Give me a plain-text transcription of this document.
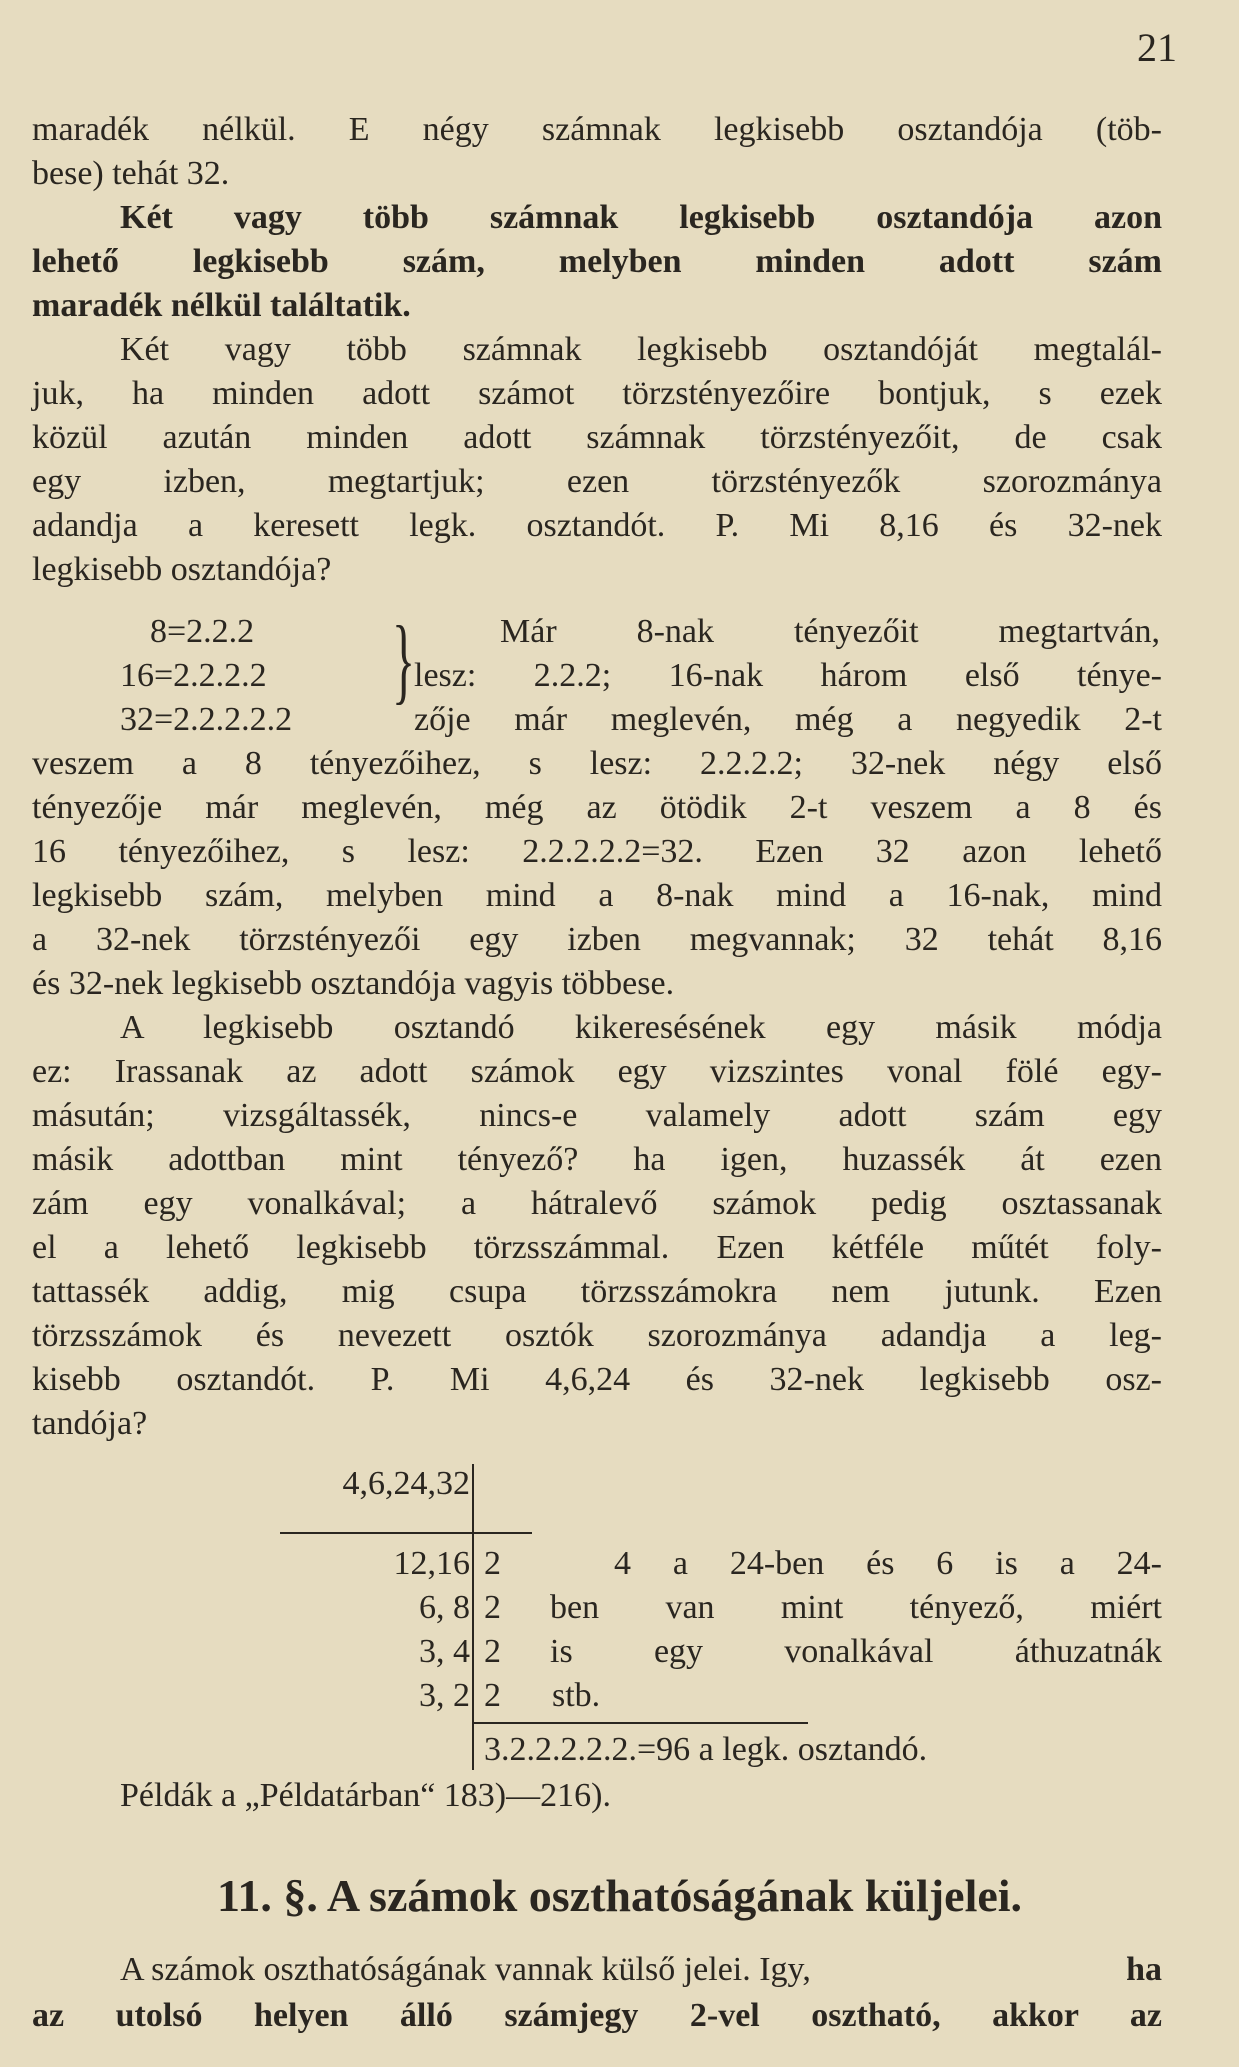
21
maradék nélkül. E négy számnak legkisebb osztandója (töb-
bese) tehát 32.
Két vagy több számnak legkisebb osztandója azon
lehető legkisebb szám, melyben minden adott szám
maradék nélkül találtatik.
Két vagy több számnak legkisebb osztandóját megtalál-
juk, ha minden adott számot törzstényezőire bontjuk, s ezek
közül azután minden adott számnak törzstényezőit, de csak
egy izben, megtartjuk; ezen törzstényezők szorozmánya
adandja a keresett legk. osztandót. P. Mi 8,16 és 32-nek
legkisebb osztandója?
8=2.2.2
16=2.2.2.2
32=2.2.2.2.2
} Már 8-nak tényezőit megtartván,
lesz: 2.2.2; 16-nak három első ténye-
zője már meglevén, még a negyedik 2-t
veszem a 8 tényezőihez, s lesz: 2.2.2.2; 32-nek négy első
tényezője már meglevén, még az ötödik 2-t veszem a 8 és
16 tényezőihez, s lesz: 2.2.2.2.2=32. Ezen 32 azon lehető
legkisebb szám, melyben mind a 8-nak mind a 16-nak, mind
a 32-nek törzstényezői egy izben megvannak; 32 tehát 8,16
és 32-nek legkisebb osztandója vagyis többese.
A legkisebb osztandó kikeresésének egy másik módja
ez: Irassanak az adott számok egy vizszintes vonal fölé egy-
másután; vizsgáltassék, nincs-e valamely adott szám egy
másik adottban mint tényező? ha igen, huzassék át ezen
zám egy vonalkával; a hátralevő számok pedig osztassanak
el a lehető legkisebb törzsszámmal. Ezen kétféle műtét foly-
tattassék addig, mig csupa törzsszámokra nem jutunk. Ezen
törzsszámok és nevezett osztók szorozmánya adandja a leg-
kisebb osztandót. P. Mi 4,6,24 és 32-nek legkisebb osz-
tandója?
4,6,24,32
12,16 2	4 a 24-ben és 6 is a 24-
6, 8 2 ben van mint tényező, miért
3, 4 2 is egy vonalkával áthuzatnák
3, 2 2 stb.
3.2.2.2.2.2.=96 a legk. osztandó.
Példák a „Példatárban“ 183)—216).
11. §. A számok oszthatóságának küljelei.
A számok oszthatóságának vannak külső jelei. Igy,	ha
az utolsó helyen álló számjegy 2-vel osztható, akkor az
